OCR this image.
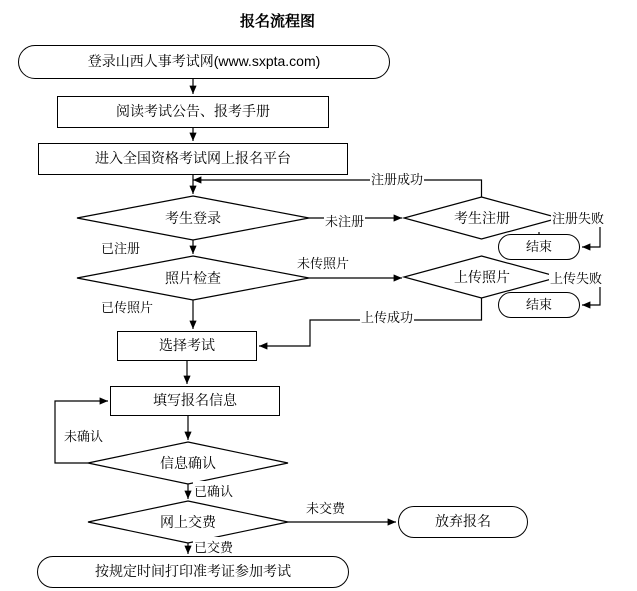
报名流程图
登录山西人事考试网(www.sxpta.com)
阅读考试公告、报考手册
进入全国资格考试网上报名平台
考生登录	考生注册
结束
照片检查	上传照片
结束
选择考试
填写报名信息
信息确认
网上交费	放弃报名
按规定时间打印准考证参加考试
注册成功
未注册	注册失败
已注册
未传照片
上传失败
已传照片
上传成功
未确认
已确认
未交费
已交费
